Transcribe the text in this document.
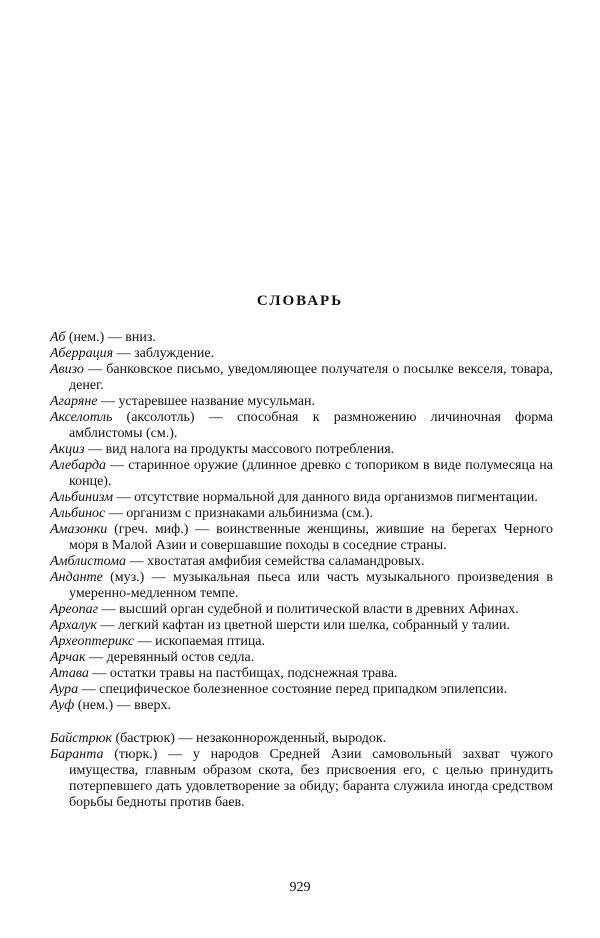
СЛОВАРЬ
Аб (нем.) — вниз.
Аберрация — заблуждение.
Авизо — банковское письмо, уведомляющее получателя о посылке векселя, товара, денег.
Агаряне — устаревшее название мусульман.
Акселотль (аксолотль) — способная к размножению личиночная форма амблистомы (см.).
Акциз — вид налога на продукты массового потребления.
Алебарда — старинное оружие (длинное древко с топориком в виде полумесяца на конце).
Альбинизм — отсутствие нормальной для данного вида организмов пигментации.
Альбинос — организм с признаками альбинизма (см.).
Амазонки (греч. миф.) — воинственные женщины, жившие на берегах Черного моря в Малой Азии и совершавшие походы в соседние страны.
Амблистома — хвостатая амфибия семейства саламандровых.
Анданте (муз.) — музыкальная пьеса или часть музыкального произведения в умеренно-медленном темпе.
Ареопаг — высший орган судебной и политической власти в древних Афинах.
Архалук — легкий кафтан из цветной шерсти или шелка, собранный у талии.
Археоптерикс — ископаемая птица.
Арчак — деревянный остов седла.
Атава — остатки травы на пастбищах, подснежная трава.
Аура — специфическое болезненное состояние перед припадком эпилепсии.
Ауф (нем.) — вверх.
Байстрюк (бастрюк) — незаконнорожденный, выродок.
Баранта (тюрк.) — у народов Средней Азии самовольный захват чужого имущества, главным образом скота, без присвоения его, с целью принудить потерпевшего дать удовлетворение за обиду; баранта служила иногда средством борьбы бедноты против баев.
929
